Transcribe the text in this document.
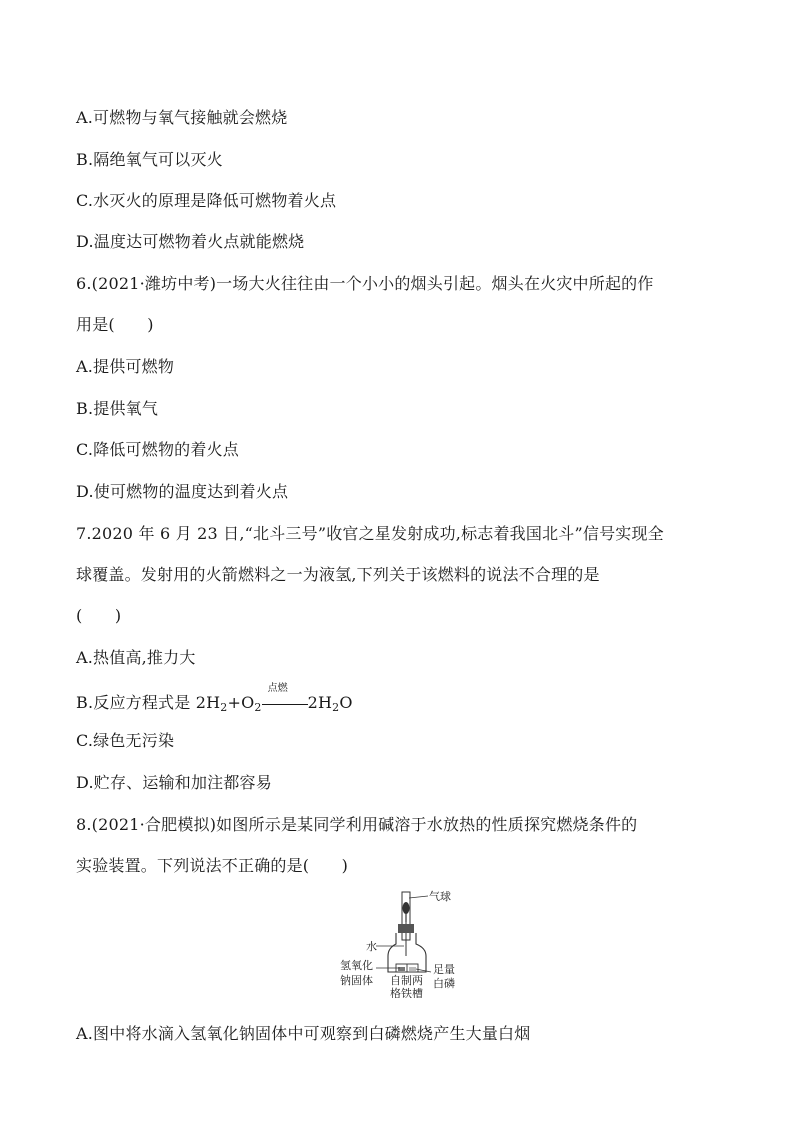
A.可燃物与氧气接触就会燃烧
B.隔绝氧气可以灭火
C.水灭火的原理是降低可燃物着火点
D.温度达可燃物着火点就能燃烧
6.(2021·潍坊中考)一场大火往往由一个小小的烟头引起。烟头在火灾中所起的作
用是(　　)
A.提供可燃物
B.提供氧气
C.降低可燃物的着火点
D.使可燃物的温度达到着火点
7.2020 年 6 月 23 日,“北斗三号”收官之星发射成功,标志着我国北斗”信号实现全
球覆盖。发射用的火箭燃料之一为液氢,下列关于该燃料的说法不合理的是
(　　)
A.热值高,推力大
B.反应方程式是 $2H_2+O_2$
点燃
$2H_2O$
C.绿色无污染
D.贮存、运输和加注都容易
8.(2021·合肥模拟)如图所示是某同学利用碱溶于水放热的性质探究燃烧条件的
实验装置。下列说法不正确的是(　　)
气球
水
氢氧化
钠固体 自制两
格铁槽
足量
白磷
A.图中将水滴入氢氧化钠固体中可观察到白磷燃烧产生大量白烟
